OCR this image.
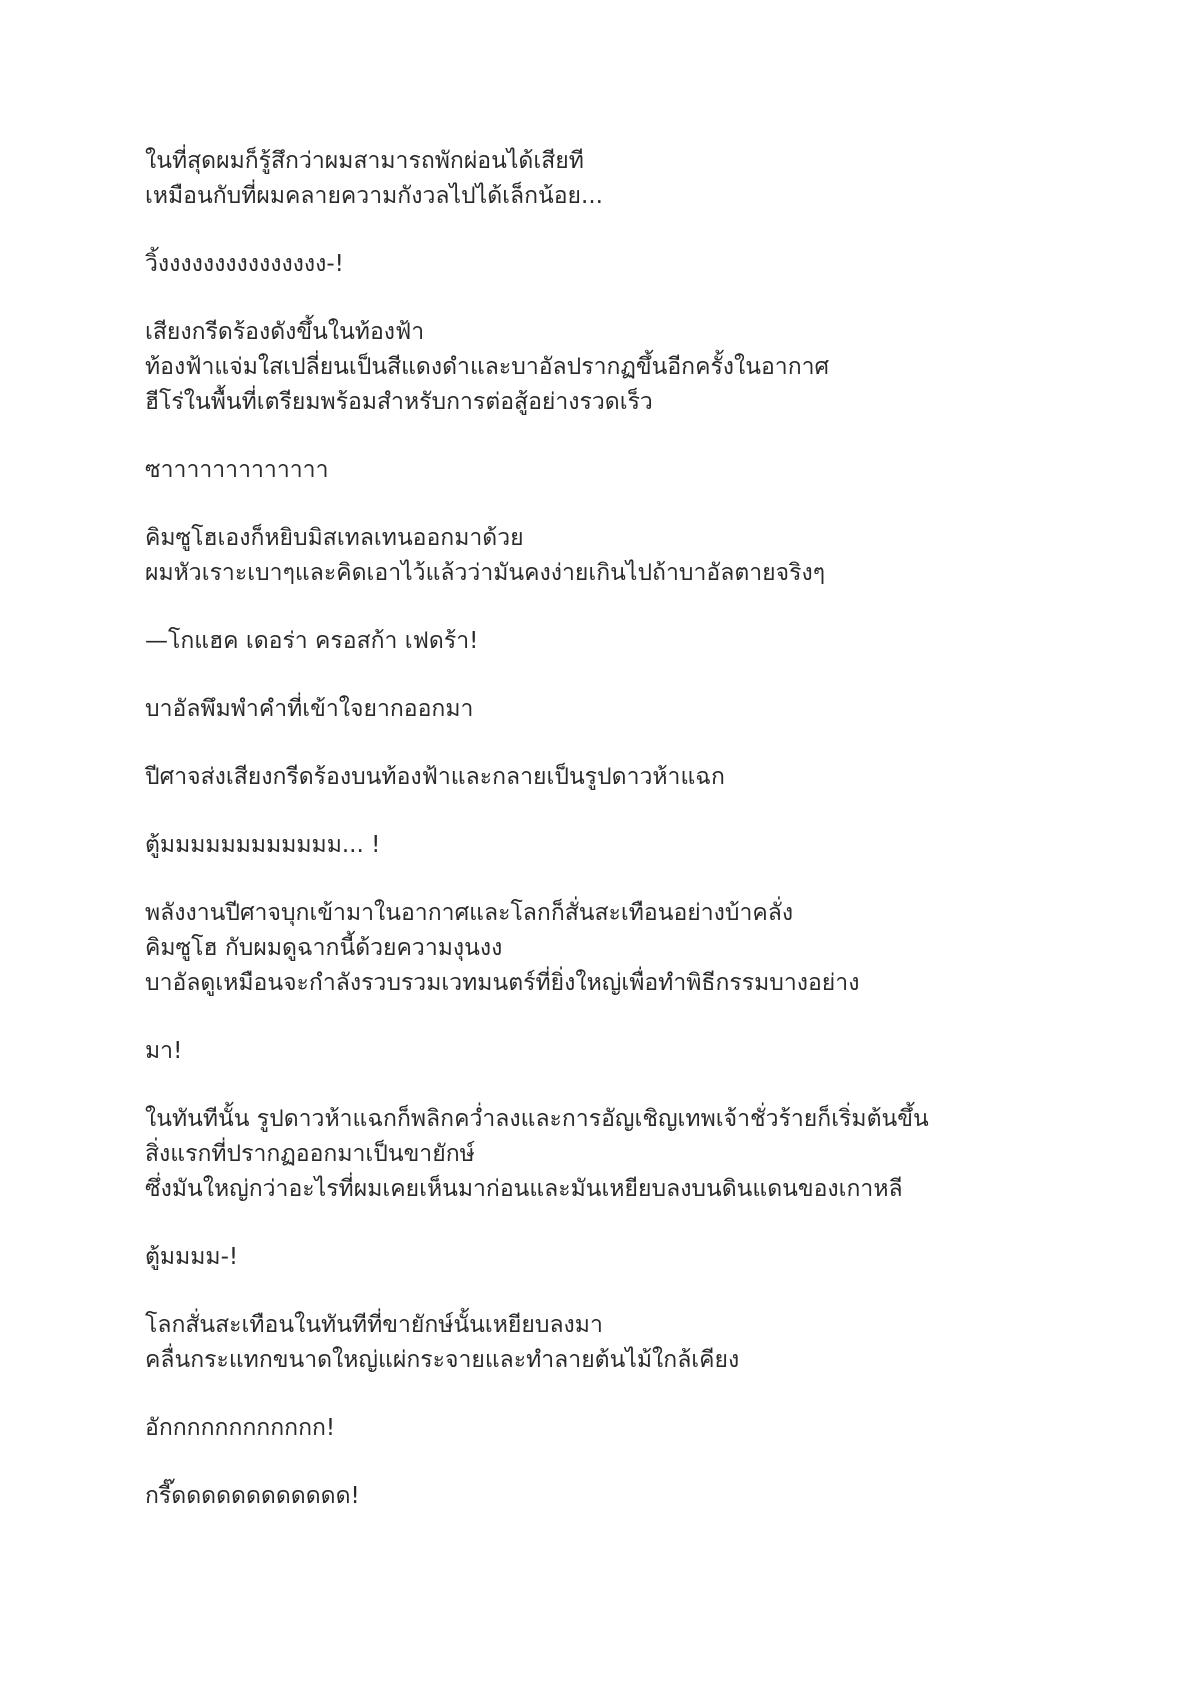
ในที่สุดผมก็รู้สึกว่าผมสามารถพักผ่อนได้เสียที
เหมือนกับที่ผมคลายความกังวลไปได้เล็กน้อย...

วิ้งงงงงงงงงงงงงงง-!

เสียงกรีดร้องดังขึ้นในท้องฟ้า
ท้องฟ้าแจ่มใสเปลี่ยนเป็นสีแดงดำและบาอัลปรากฏขึ้นอีกครั้งในอากาศ
ฮีโร่ในพื้นที่เตรียมพร้อมสำหรับการต่อสู้อย่างรวดเร็ว

ซาาาาาาาาาาาาา

คิมซูโฮเองก็หยิบมิสเทลเทนออกมาด้วย
ผมหัวเราะเบาๆและคิดเอาไว้แล้วว่ามันคงง่ายเกินไปถ้าบาอัลตายจริงๆ

—โกแฮค เดอร่า ครอสก้า เฟดร้า!

บาอัลพึมพำคำที่เข้าใจยากออกมา

ปีศาจส่งเสียงกรีดร้องบนท้องฟ้าและกลายเป็นรูปดาวห้าแฉก

ตู้มมมมมมมมมมมม... !

พลังงานปีศาจบุกเข้ามาในอากาศและโลกก็สั่นสะเทือนอย่างบ้าคลั่ง
คิมซูโฮ กับผมดูฉากนี้ด้วยความงุนงง
บาอัลดูเหมือนจะกำลังรวบรวมเวทมนตร์ที่ยิ่งใหญ่เพื่อทำพิธีกรรมบางอย่าง

มา!

ในทันทีนั้น รูปดาวห้าแฉกก็พลิกคว่ำลงและการอัญเชิญเทพเจ้าชั่วร้ายก็เริ่มต้นขึ้น
สิ่งแรกที่ปรากฏออกมาเป็นขายักษ์
ซึ่งมันใหญ่กว่าอะไรที่ผมเคยเห็นมาก่อนและมันเหยียบลงบนดินแดนของเกาหลี

ตู้มมมม-!

โลกสั่นสะเทือนในทันทีที่ขายักษ์นั้นเหยียบลงมา
คลื่นกระแทกขนาดใหญ่แผ่กระจายและทำลายต้นไม้ใกล้เคียง

อักกกกกกกกกกกก!

กรี๊ดดดดดดดดดดดด!
